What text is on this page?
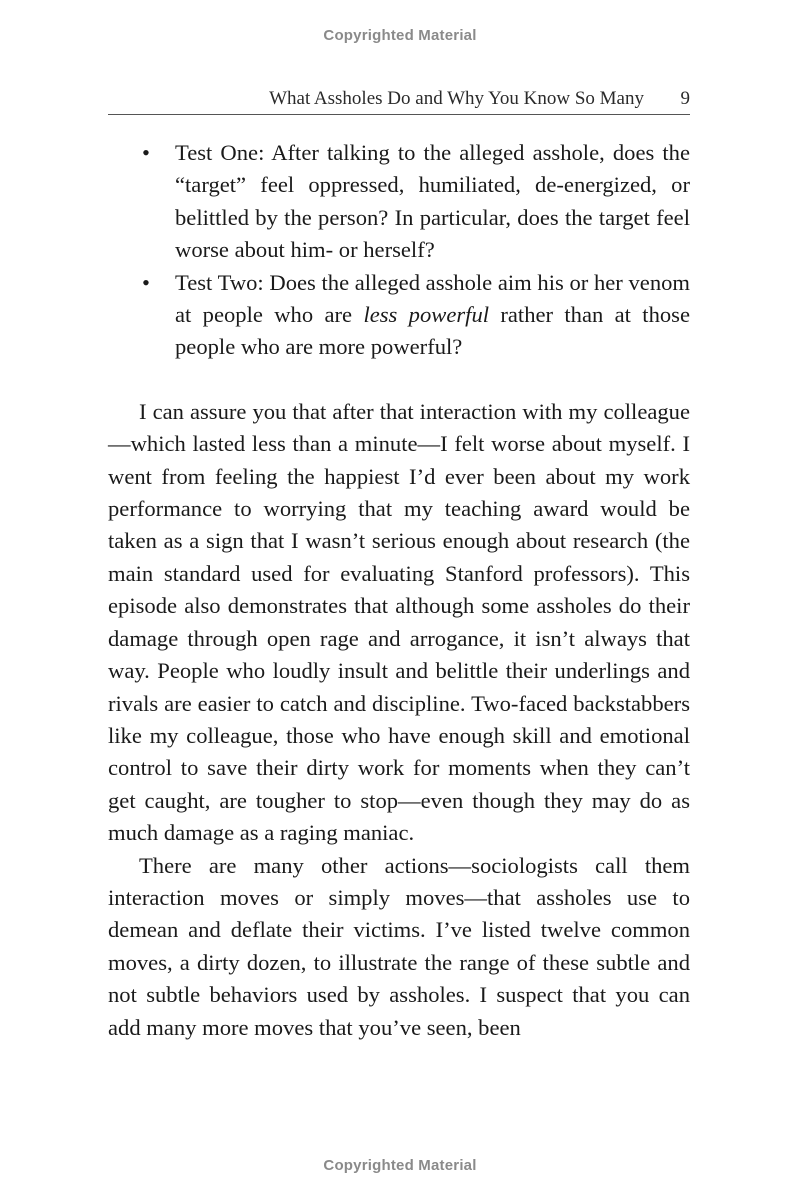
Copyrighted Material
What Assholes Do and Why You Know So Many 9
• Test One: After talking to the alleged asshole, does the “target” feel oppressed, humiliated, de-energized, or belittled by the person? In particular, does the target feel worse about him- or herself?
• Test Two: Does the alleged asshole aim his or her venom at people who are less powerful rather than at those people who are more powerful?

I can assure you that after that interaction with my colleague—which lasted less than a minute—I felt worse about myself. I went from feeling the happiest I’d ever been about my work performance to worrying that my teaching award would be taken as a sign that I wasn’t serious enough about research (the main standard used for evaluating Stanford professors). This episode also demonstrates that although some assholes do their damage through open rage and arrogance, it isn’t always that way. People who loudly insult and belittle their underlings and rivals are easier to catch and discipline. Two-faced backstabbers like my colleague, those who have enough skill and emotional control to save their dirty work for moments when they can’t get caught, are tougher to stop—even though they may do as much damage as a raging maniac.

There are many other actions—sociologists call them interaction moves or simply moves—that assholes use to demean and deflate their victims. I’ve listed twelve common moves, a dirty dozen, to illustrate the range of these subtle and not subtle behaviors used by assholes. I suspect that you can add many more moves that you’ve seen, been

Copyrighted Material
